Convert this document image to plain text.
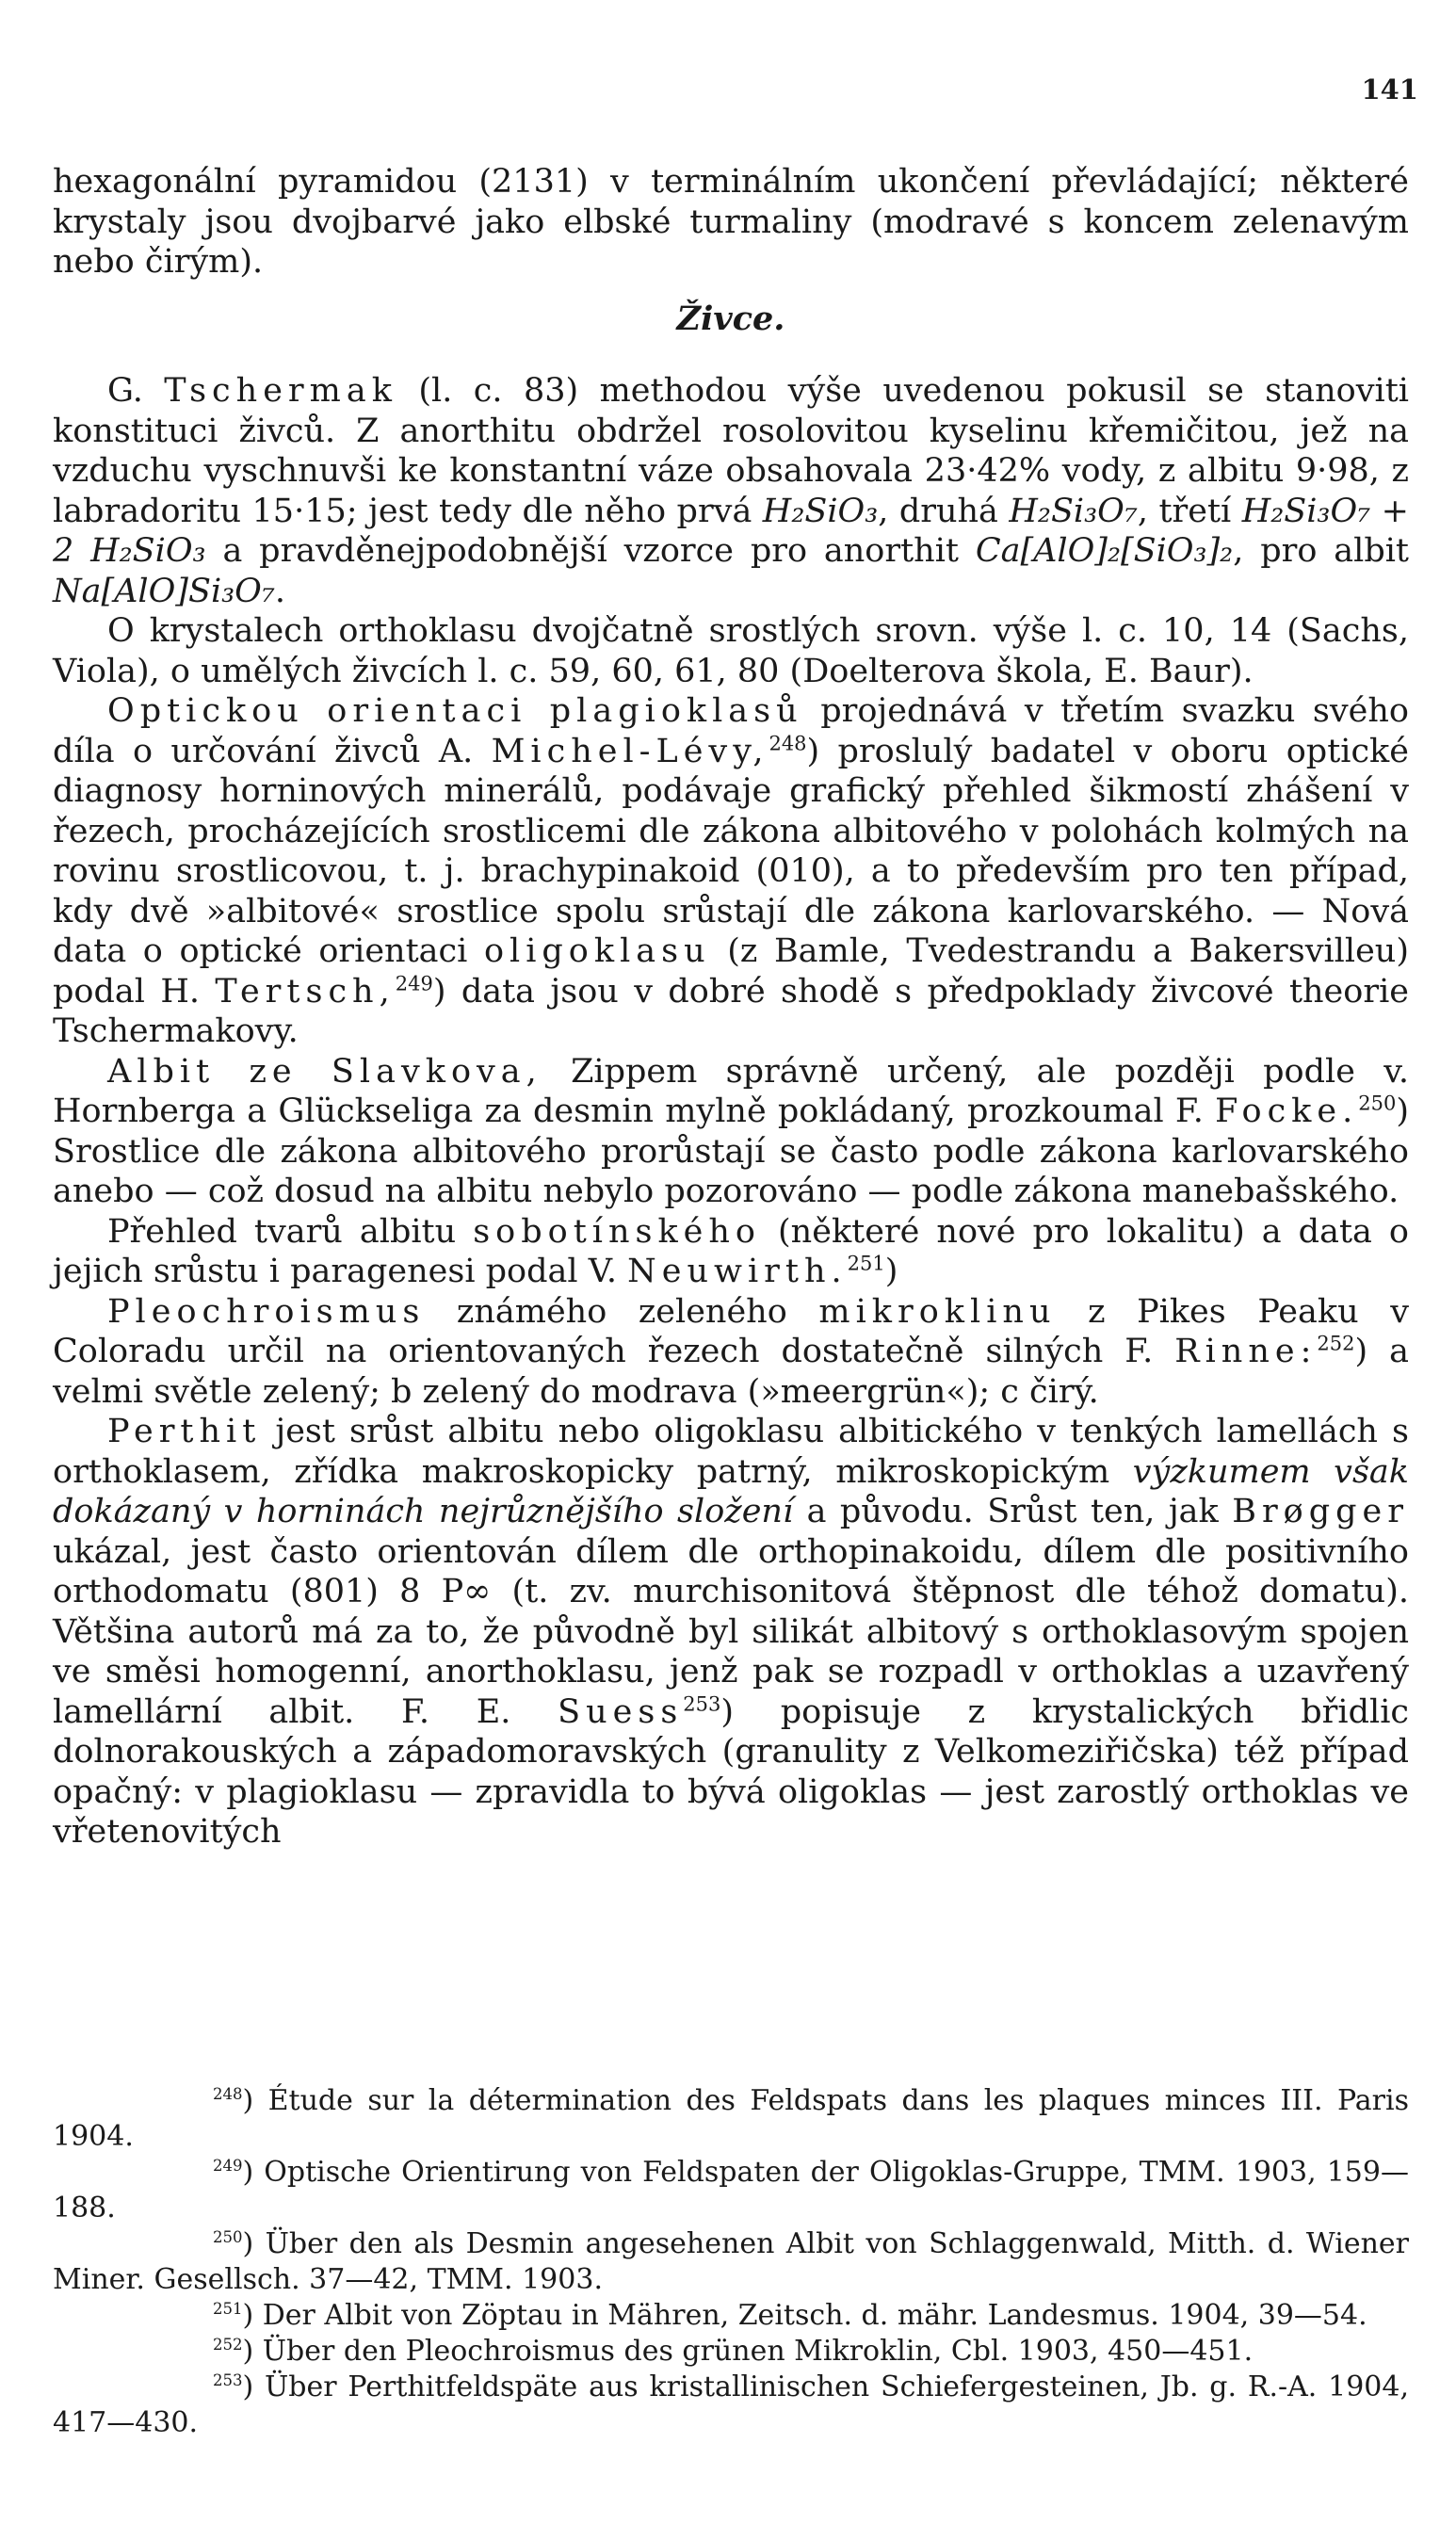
141

hexagonální pyramidou (2131) v terminálním ukončení převládající; některé krystaly jsou dvojbarvé jako elbské turmaliny (modravé s koncem zelenavým nebo čirým).

Živce.

G. Tschermak (l. c. 83) methodou výše uvedenou pokusil se stanoviti konstituci živců. Z anorthitu obdržel rosolovitou kyselinu křemičitou, jež na vzduchu vyschnuvši ke konstantní váze obsahovala 23·42% vody, z albitu 9·98, z labradoritu 15·15; jest tedy dle něho prvá H₂SiO₃, druhá H₂Si₃O₇, třetí H₂Si₃O₇ + 2 H₂SiO₃ a pravděnejpodobnější vzorce pro anorthit Ca[AlO]₂[SiO₃]₂, pro albit Na[AlO]Si₃O₇.

O krystalech orthoklasu dvojčatně srostlých srovn. výše l. c. 10, 14 (Sachs, Viola), o umělých živcích l. c. 59, 60, 61, 80 (Doelterova škola, E. Baur).

Optickou orientaci plagioklasů projednává v třetím svazku svého díla o určování živců A. Michel-Lévy,$^{248}$) proslulý badatel v oboru optické diagnosy horninových minerálů, podávaje grafický přehled šikmostí zhášení v řezech, procházejících srostlicemi dle zákona albitového v polohách kolmých na rovinu srostlicovou, t. j. brachypinakoid (010), a to především pro ten případ, kdy dvě »albitové« srostlice spolu srůstají dle zákona karlovarského. — Nová data o optické orientaci oligoklasu (z Bamle, Tvedestrandu a Bakersvilleu) podal H. Tertsch,$^{249}$) data jsou v dobré shodě s předpoklady živcové theorie Tschermakovy.

Albit ze Slavkova, Zippem správně určený, ale později podle v. Hornberga a Glückseliga za desmin mylně pokládaný, prozkoumal F. Focke.$^{250}$) Srostlice dle zákona albitového prorůstají se často podle zákona karlovarského anebo — což dosud na albitu nebylo pozorováno — podle zákona manebašského.

Přehled tvarů albitu sobotínského (některé nové pro lokalitu) a data o jejich srůstu i paragenesi podal V. Neuwirth.$^{251}$)

Pleochroismus známého zeleného mikroklinu z Pikes Peaku v Coloradu určil na orientovaných řezech dostatečně silných F. Rinne:$^{252}$) a velmi světle zelený; b zelený do modrava (»meergrün«); c čirý.

Perthit jest srůst albitu nebo oligoklasu albitického v tenkých lamellách s orthoklasem, zřídka makroskopicky patrný, mikroskopickým výzkumem však dokázaný v horninách nejrůznějšího složení a původu. Srůst ten, jak Brøgger ukázal, jest často orientován dílem dle orthopinakoidu, dílem dle positivního orthodomatu (801) 8 P∞ (t. zv. murchisonitová štěpnost dle téhož domatu). Většina autorů má za to, že původně byl silikát albitový s orthoklasovým spojen ve směsi homogenní, anorthoklasu, jenž pak se rozpadl v orthoklas a uzavřený lamellární albit. F. E. Suess$^{253}$) popisuje z krystalických břidlic dolnorakouských a západomoravských (granulity z Velkomeziřičska) též případ opačný: v plagioklasu — zpravidla to bývá oligoklas — jest zarostlý orthoklas ve vřetenovitých

$^{248}$) Étude sur la détermination des Feldspats dans les plaques minces III. Paris 1904.

$^{249}$) Optische Orientirung von Feldspaten der Oligoklas-Gruppe, TMM. 1903, 159—188.

$^{250}$) Über den als Desmin angesehenen Albit von Schlaggenwald, Mitth. d. Wiener Miner. Gesellsch. 37—42, TMM. 1903.

$^{251}$) Der Albit von Zöptau in Mähren, Zeitsch. d. mähr. Landesmus. 1904, 39—54.

$^{252}$) Über den Pleochroismus des grünen Mikroklin, Cbl. 1903, 450—451.

$^{253}$) Über Perthitfeldspäte aus kristallinischen Schiefergesteinen, Jb. g. R.-A. 1904, 417—430.
